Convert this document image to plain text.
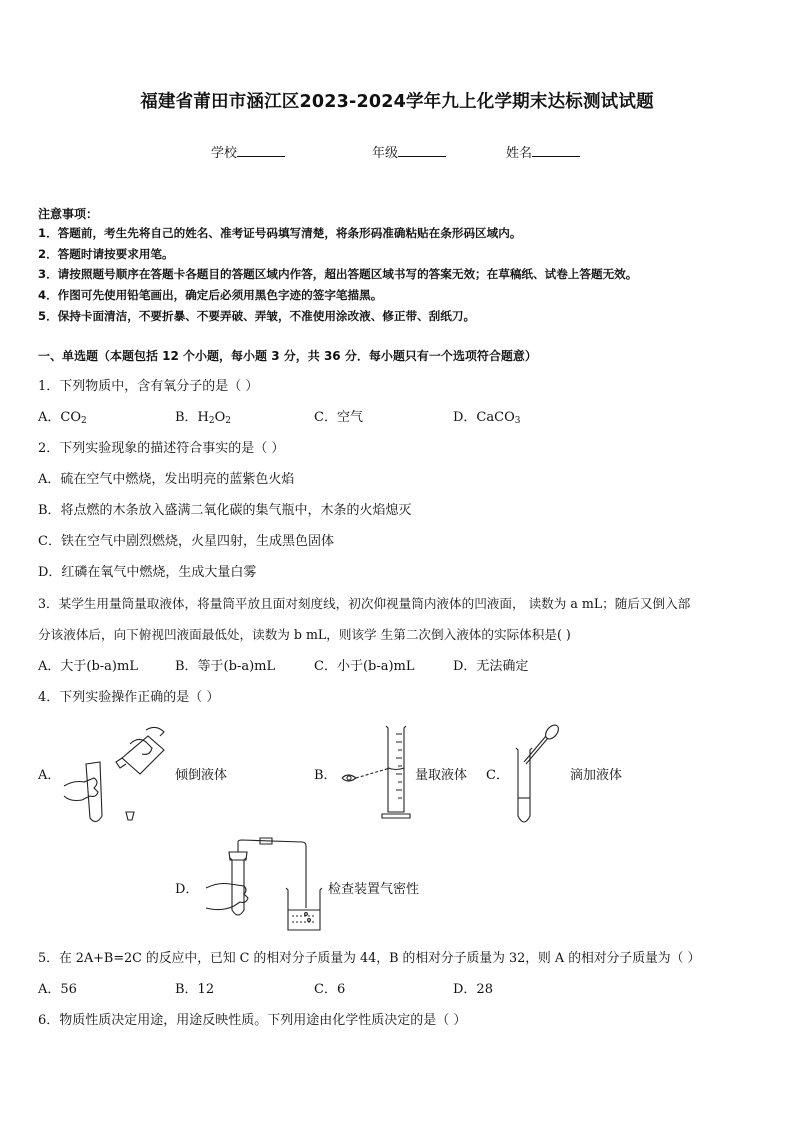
福建省莆田市涵江区2023-2024学年九上化学期末达标测试试题
学校	年级	姓名
注意事项：
1．答题前，考生先将自己的姓名、准考证号码填写清楚，将条形码准确粘贴在条形码区域内。
2．答题时请按要求用笔。
3．请按照题号顺序在答题卡各题目的答题区域内作答，超出答题区域书写的答案无效；在草稿纸、试卷上答题无效。
4．作图可先使用铅笔画出，确定后必须用黑色字迹的签字笔描黑。
5．保持卡面清洁，不要折暴、不要弄破、弄皱，不准使用涂改液、修正带、刮纸刀。
一、单选题（本题包括 12 个小题，每小题 3 分，共 36 分．每小题只有一个选项符合题意）
1．下列物质中，含有氧分子的是（ ）
A．$CO_2$	B．$H_2O_2$	C．空气	D．CaCO$_3$
2．下列实验现象的描述符合事实的是（ ）
A．硫在空气中燃烧，发出明亮的蓝紫色火焰
B．将点燃的木条放入盛满二氧化碳的集气瓶中，木条的火焰熄灭
C．铁在空气中剧烈燃烧，火星四射，生成黑色固体
D．红磷在氧气中燃烧，生成大量白雾
3．某学生用量筒量取液体，将量筒平放且面对刻度线，初次仰视量筒内液体的凹液面， 读数为 a mL；随后又倒入部
分该液体后，向下俯视凹液面最低处，读数为 b mL，则该学 生第二次倒入液体的实际体积是( )
A．大于(b-a)mL	B．等于(b-a)mL	C．小于(b-a)mL	D．无法确定
4．下列实验操作正确的是（ ）
A．	倾倒液体	B．	量取液体 C．	滴加液体
D．	检查装置气密性
5．在 2A+B=2C 的反应中，已知 C 的相对分子质量为 44，B 的相对分子质量为 32，则 A 的相对分子质量为（ ）
A．56	B．12	C．6	D．28
6．物质性质决定用途，用途反映性质。下列用途由化学性质决定的是（ ）
